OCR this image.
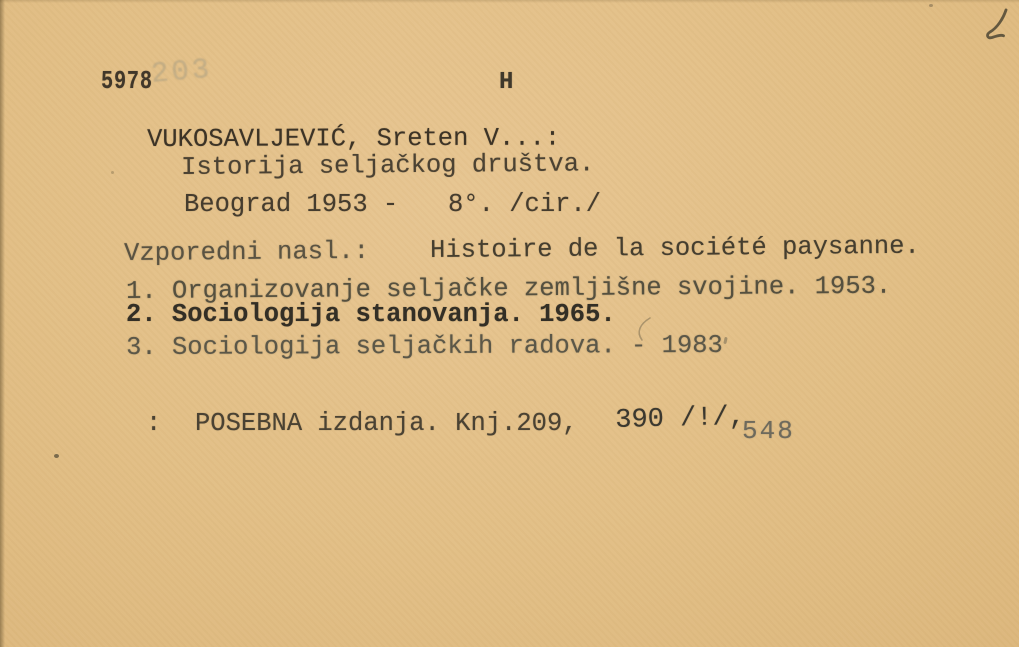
5978
203	H
VUKOSAVLJEVIĆ, Sreten V...:
Istorija seljačkog društva.
Beograd 1953 - 8°. /cir./
Vzporedni nasl.: Histoire de la société paysanne.
1. Organizovanje seljačke zemljišne svojine. 1953.
2. Sociologija stanovanja. 1965.
3. Sociologija seljačkih radova. - 1983
: POSEBNA izdanja. Knj.209, 390 /!/,
548
